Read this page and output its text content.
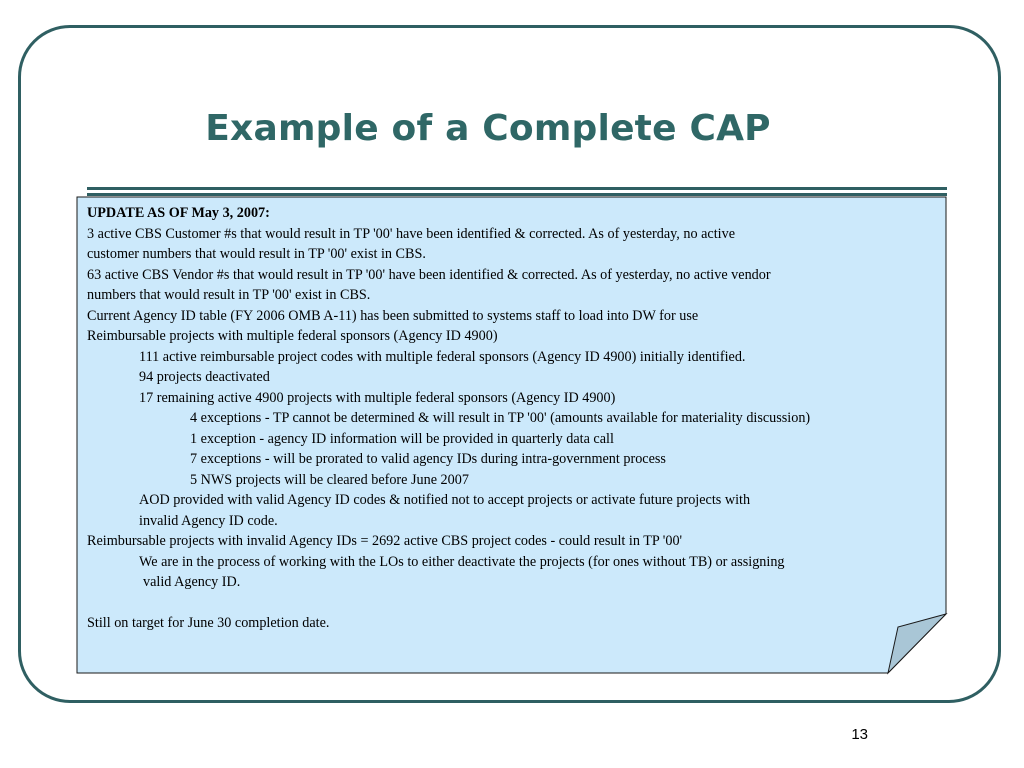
Example of a Complete CAP
UPDATE AS OF May 3, 2007:
3 active CBS Customer #s that would result in TP '00' have been identified & corrected. As of yesterday, no active
customer numbers that would result in TP '00' exist in CBS.
63 active CBS Vendor #s that would result in TP '00' have been identified & corrected. As of yesterday, no active vendor
numbers that would result in TP '00' exist in CBS.
Current Agency ID table (FY 2006 OMB A-11) has been submitted to systems staff to load into DW for use
Reimbursable projects with multiple federal sponsors (Agency ID 4900)
111 active reimbursable project codes with multiple federal sponsors (Agency ID 4900) initially identified.
94 projects deactivated
17 remaining active 4900 projects with multiple federal sponsors (Agency ID 4900)
4 exceptions - TP cannot be determined & will result in TP '00' (amounts available for materiality discussion)
1 exception - agency ID information will be provided in quarterly data call
7 exceptions - will be prorated to valid agency IDs during intra-government process
5 NWS projects will be cleared before June 2007
AOD provided with valid Agency ID codes & notified not to accept projects or activate future projects with
invalid Agency ID code.
Reimbursable projects with invalid Agency IDs = 2692 active CBS project codes - could result in TP '00'
We are in the process of working with the LOs to either deactivate the projects (for ones without TB) or assigning
valid Agency ID.
Still on target for June 30 completion date.
13
